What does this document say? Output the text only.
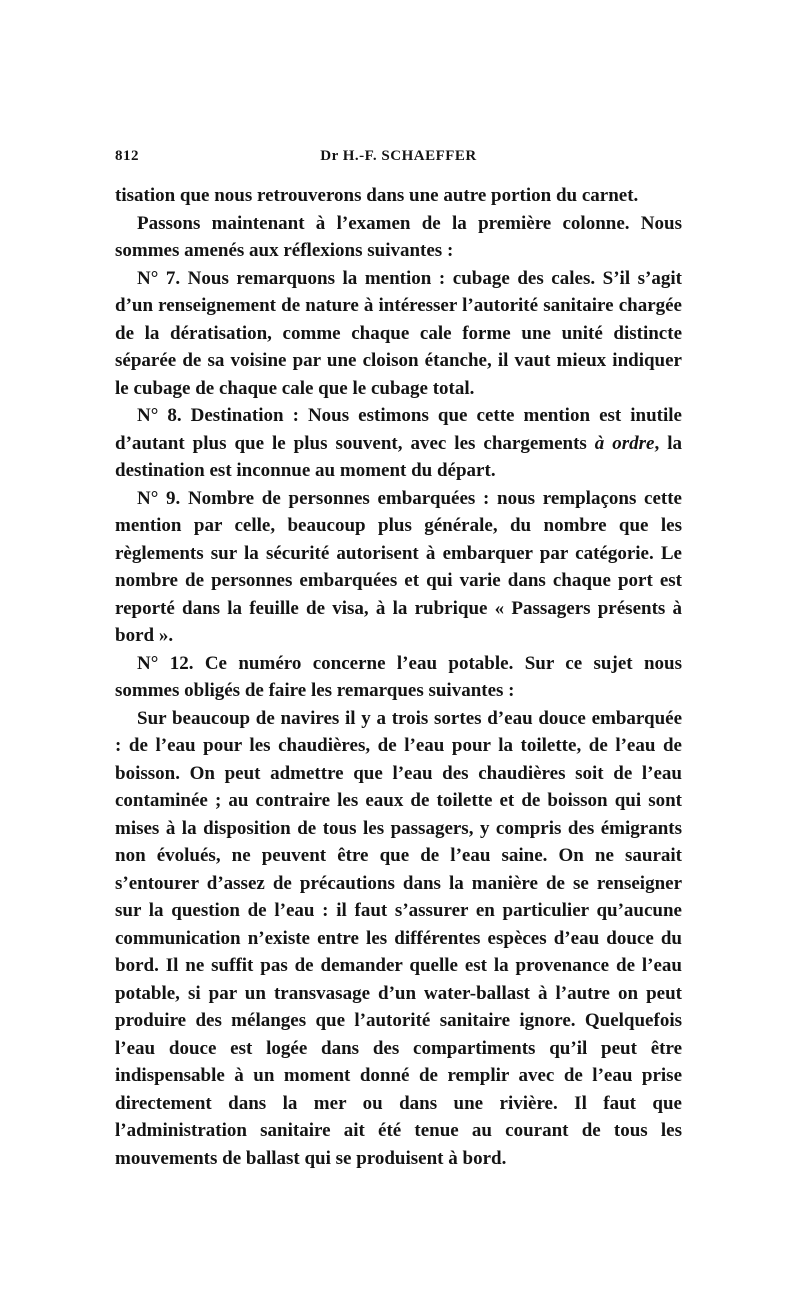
812	Dr H.-F. SCHAEFFER

tisation que nous retrouverons dans une autre portion du carnet.

Passons maintenant à l’examen de la première colonne. Nous sommes amenés aux réflexions suivantes :

N° 7. Nous remarquons la mention : cubage des cales. S’il s’agit d’un renseignement de nature à intéresser l’autorité sanitaire chargée de la dératisation, comme chaque cale forme une unité distincte séparée de sa voisine par une cloison étanche, il vaut mieux indiquer le cubage de chaque cale que le cubage total.

N° 8. Destination : Nous estimons que cette mention est inutile d’autant plus que le plus souvent, avec les chargements à ordre, la destination est inconnue au moment du départ.

N° 9. Nombre de personnes embarquées : nous remplaçons cette mention par celle, beaucoup plus générale, du nombre que les règlements sur la sécurité autorisent à embarquer par catégorie. Le nombre de personnes embarquées et qui varie dans chaque port est reporté dans la feuille de visa, à la rubrique « Passagers présents à bord ».

N° 12. Ce numéro concerne l’eau potable. Sur ce sujet nous sommes obligés de faire les remarques suivantes :

Sur beaucoup de navires il y a trois sortes d’eau douce embarquée : de l’eau pour les chaudières, de l’eau pour la toilette, de l’eau de boisson. On peut admettre que l’eau des chaudières soit de l’eau contaminée ; au contraire les eaux de toilette et de boisson qui sont mises à la disposition de tous les passagers, y compris des émigrants non évolués, ne peuvent être que de l’eau saine. On ne saurait s’entourer d’assez de précautions dans la manière de se renseigner sur la question de l’eau : il faut s’assurer en particulier qu’aucune communication n’existe entre les différentes espèces d’eau douce du bord. Il ne suffit pas de demander quelle est la provenance de l’eau potable, si par un transvasage d’un water-ballast à l’autre on peut produire des mélanges que l’autorité sanitaire ignore. Quelquefois l’eau douce est logée dans des compartiments qu’il peut être indispensable à un moment donné de remplir avec de l’eau prise directement dans la mer ou dans une rivière. Il faut que l’administration sanitaire ait été tenue au courant de tous les mouvements de ballast qui se produisent à bord.
